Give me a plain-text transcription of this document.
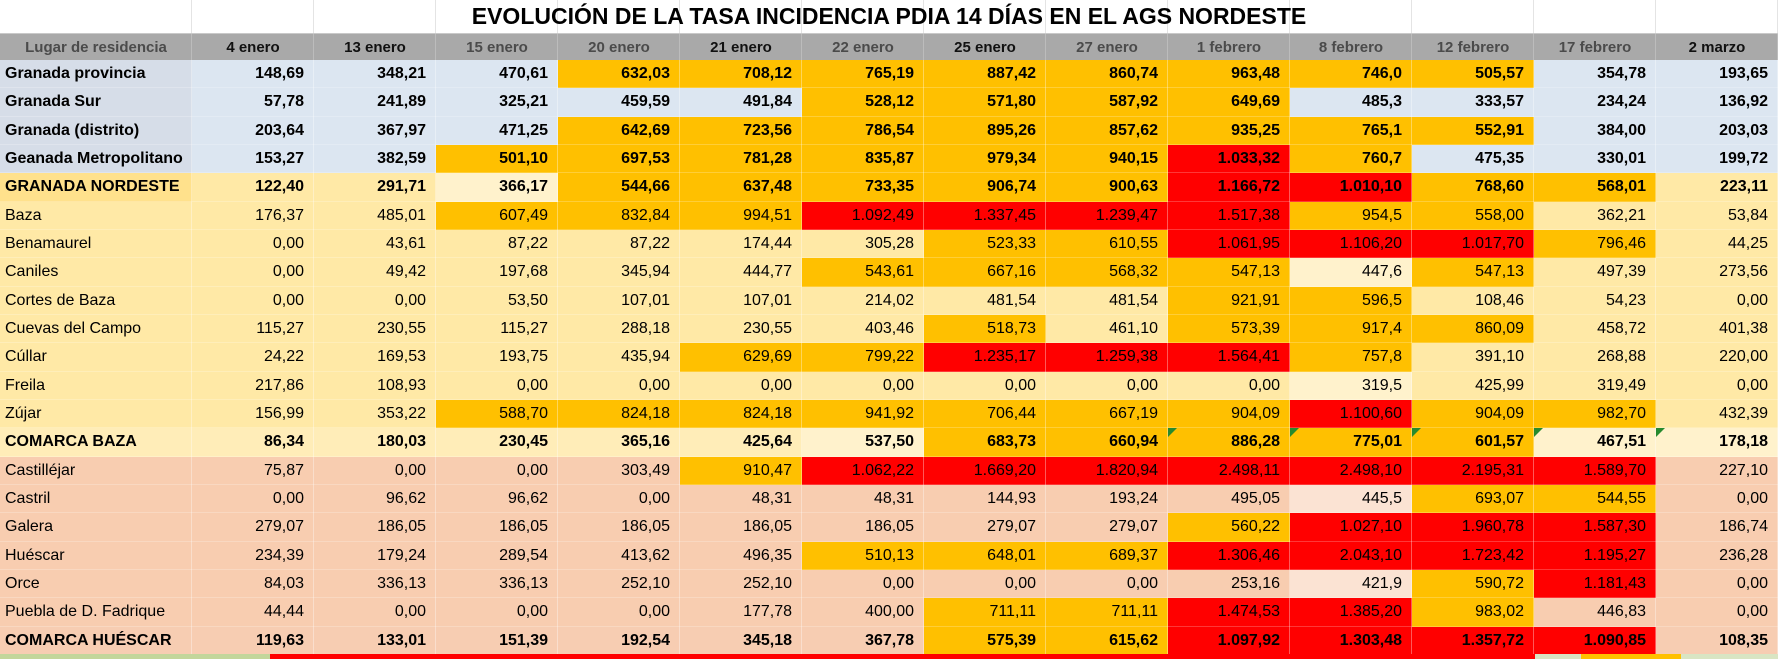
EVOLUCIÓN DE LA TASA INCIDENCIA PDIA 14 DÍAS EN EL AGS NORDESTE
Lugar de residencia	4 enero	13 enero	15 enero	20 enero	21 enero	22 enero	25 enero	27 enero	1 febrero	8 febrero	12 febrero	17 febrero	2 marzo
Granada provincia	148,69	348,21	470,61	632,03	708,12	765,19	887,42	860,74	963,48	746,0	505,57	354,78	193,65
Granada Sur	57,78	241,89	325,21	459,59	491,84	528,12	571,80	587,92	649,69	485,3	333,57	234,24	136,92
Granada (distrito)	203,64	367,97	471,25	642,69	723,56	786,54	895,26	857,62	935,25	765,1	552,91	384,00	203,03
Geanada Metropolitano	153,27	382,59	501,10	697,53	781,28	835,87	979,34	940,15	1.033,32	760,7	475,35	330,01	199,72
GRANADA NORDESTE	122,40	291,71	366,17	544,66	637,48	733,35	906,74	900,63	1.166,72	1.010,10	768,60	568,01	223,11
Baza	176,37	485,01	607,49	832,84	994,51	1.092,49	1.337,45	1.239,47	1.517,38	954,5	558,00	362,21	53,84
Benamaurel	0,00	43,61	87,22	87,22	174,44	305,28	523,33	610,55	1.061,95	1.106,20	1.017,70	796,46	44,25
Caniles	0,00	49,42	197,68	345,94	444,77	543,61	667,16	568,32	547,13	447,6	547,13	497,39	273,56
Cortes de Baza	0,00	0,00	53,50	107,01	107,01	214,02	481,54	481,54	921,91	596,5	108,46	54,23	0,00
Cuevas del Campo	115,27	230,55	115,27	288,18	230,55	403,46	518,73	461,10	573,39	917,4	860,09	458,72	401,38
Cúllar	24,22	169,53	193,75	435,94	629,69	799,22	1.235,17	1.259,38	1.564,41	757,8	391,10	268,88	220,00
Freila	217,86	108,93	0,00	0,00	0,00	0,00	0,00	0,00	0,00	319,5	425,99	319,49	0,00
Zújar	156,99	353,22	588,70	824,18	824,18	941,92	706,44	667,19	904,09	1.100,60	904,09	982,70	432,39
COMARCA BAZA	86,34	180,03	230,45	365,16	425,64	537,50	683,73	660,94	886,28	775,01	601,57	467,51	178,18
Castilléjar	75,87	0,00	0,00	303,49	910,47	1.062,22	1.669,20	1.820,94	2.498,11	2.498,10	2.195,31	1.589,70	227,10
Castril	0,00	96,62	96,62	0,00	48,31	48,31	144,93	193,24	495,05	445,5	693,07	544,55	0,00
Galera	279,07	186,05	186,05	186,05	186,05	186,05	279,07	279,07	560,22	1.027,10	1.960,78	1.587,30	186,74
Huéscar	234,39	179,24	289,54	413,62	496,35	510,13	648,01	689,37	1.306,46	2.043,10	1.723,42	1.195,27	236,28
Orce	84,03	336,13	336,13	252,10	252,10	0,00	0,00	0,00	253,16	421,9	590,72	1.181,43	0,00
Puebla de D. Fadrique	44,44	0,00	0,00	0,00	177,78	400,00	711,11	711,11	1.474,53	1.385,20	983,02	446,83	0,00
COMARCA HUÉSCAR	119,63	133,01	151,39	192,54	345,18	367,78	575,39	615,62	1.097,92	1.303,48	1.357,72	1.090,85	108,35
